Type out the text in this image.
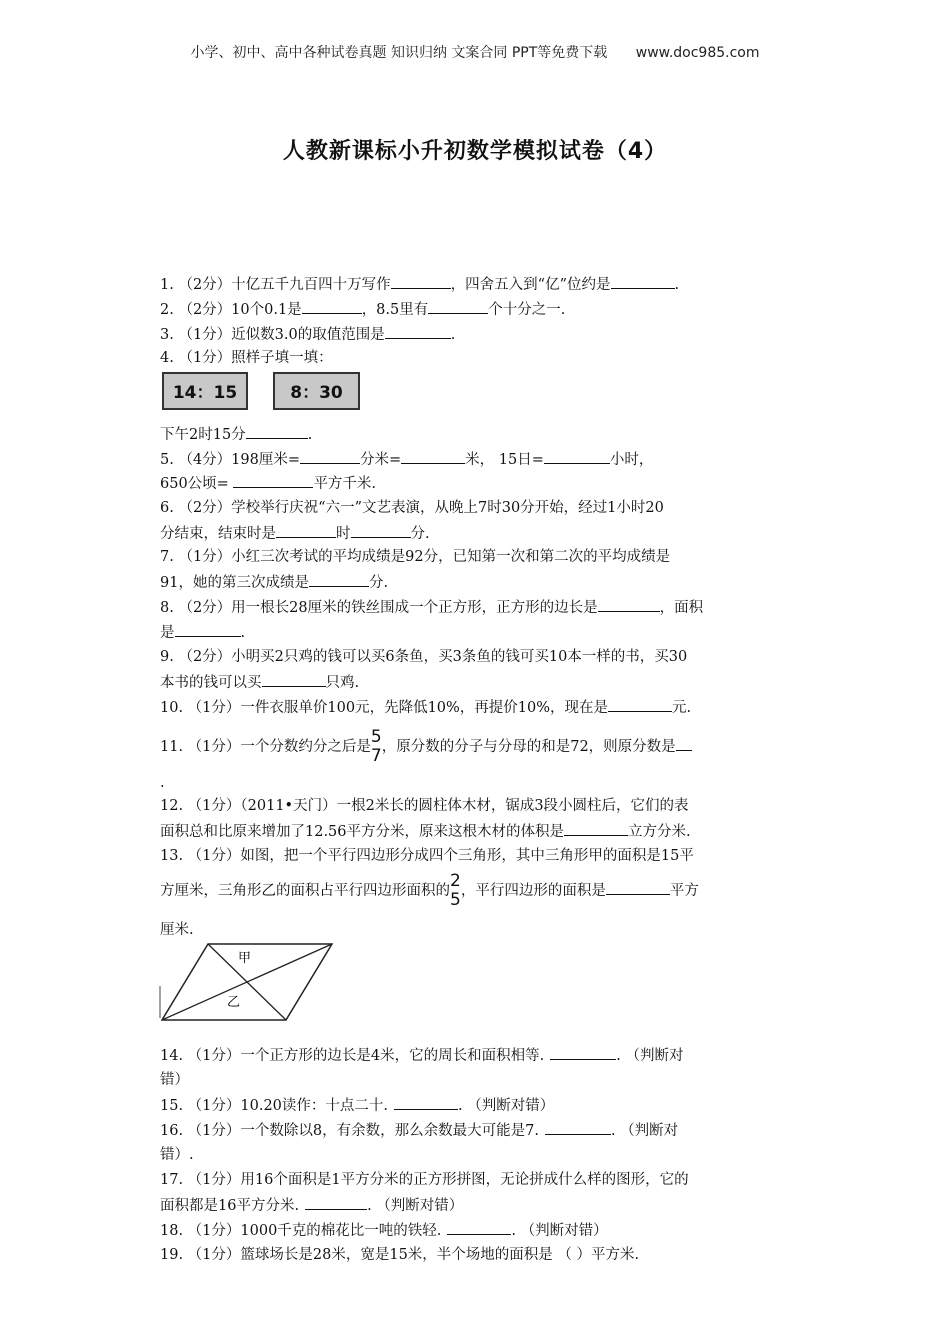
小学、初中、高中各种试卷真题 知识归纳 文案合同 PPT等免费下载 www.doc985.com
人教新课标小升初数学模拟试卷（4）
1. （2分）十亿五千九百四十万写作	，四舍五入到“亿”位约是	.
2. （2分）10个0.1是	，8.5里有	个十分之一.
3. （1分）近似数3.0的取值范围是	.
4. （1分）照样子填一填：
14：15	8：30
下午2时15分	.
5. （4分）198厘米=	分米=	米， 15日=	小时，
650公顷=	平方千米.
6. （2分）学校举行庆祝“六一”文艺表演，从晚上7时30分开始，经过1小时20
分结束，结束时是	时	分.
7. （1分）小红三次考试的平均成绩是92分，已知第一次和第二次的平均成绩是
91，她的第三次成绩是	分.
8. （2分）用一根长28厘米的铁丝围成一个正方形，正方形的边长是	，面积
是	.
9. （2分）小明买2只鸡的钱可以买6条鱼，买3条鱼的钱可买10本一样的书，买30
本书的钱可以买	只鸡.
10. （1分）一件衣服单价100元，先降低10%，再提价10%，现在是	元.
11. （1分）一个分数约分之后是 5
7 ，原分数的分子与分母的和是72，则原分数是
.
12. （1分）（2011•天门）一根2米长的圆柱体木材，锯成3段小圆柱后，它们的表
面积总和比原来增加了12.56平方分米，原来这根木材的体积是	立方分米.
13. （1分）如图，把一个平行四边形分成四个三角形，其中三角形甲的面积是15平
方厘米，三角形乙的面积占平行四边形面积的 2
5 ，平行四边形的面积是	平方
厘米.
甲
乙
14. （1分）一个正方形的边长是4米，它的周长和面积相等.	. （判断对
错）
15. （1分）10.20读作：十点二十.	. （判断对错）
16. （1分）一个数除以8，有余数，那么余数最大可能是7.	. （判断对
错）.
17. （1分）用16个面积是1平方分米的正方形拼图，无论拼成什么样的图形，它的
面积都是16平方分米.	. （判断对错）
18. （1分）1000千克的棉花比一吨的铁轻.	. （判断对错）
19. （1分）篮球场长是28米，宽是15米，半个场地的面积是 （ ）平方米.
